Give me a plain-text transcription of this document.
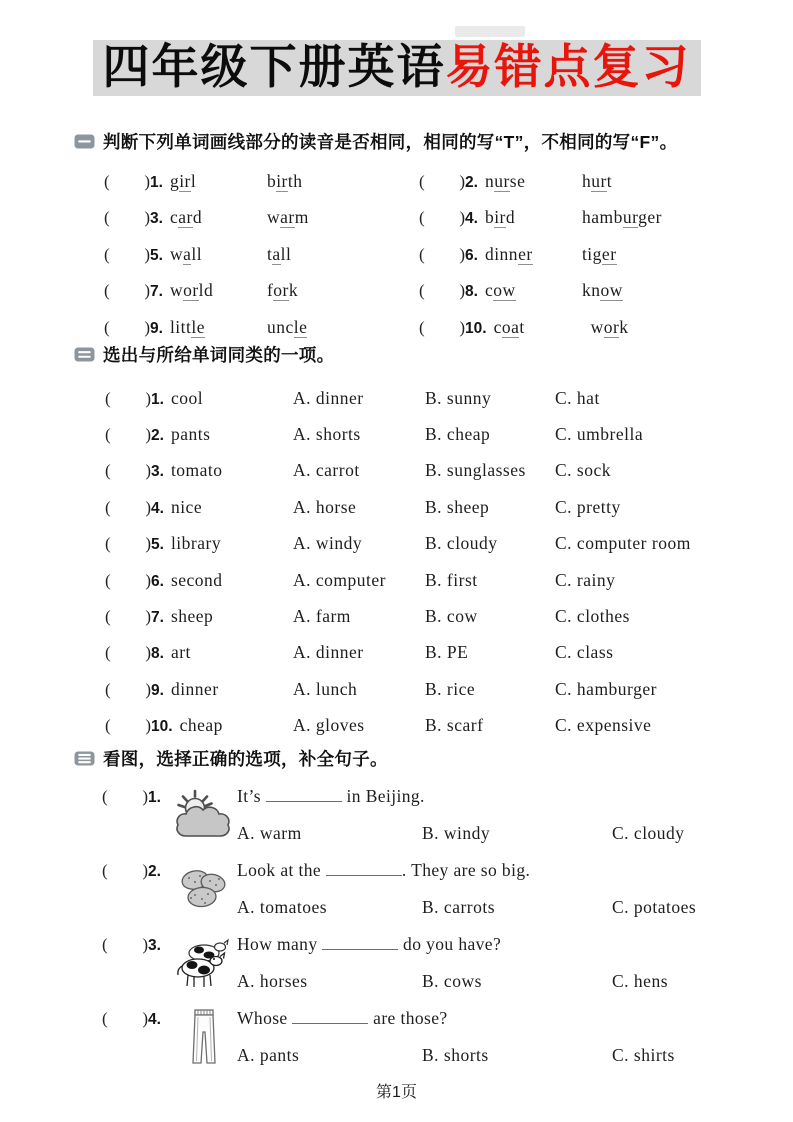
四年级下册英语易错点复习
判断下列单词画线部分的读音是否相同，相同的写“T”，不相同的写“F”。
( ) 1. girl	birth	( ) 2. nurse	hurt
( ) 3. card	warm	( ) 4. bird	hamburger
( ) 5. wall	tall	( ) 6. dinner	tiger
( ) 7. world	fork	( ) 8. cow	know
( ) 9. little	uncle	( ) 10. coat	work
选出与所给单词同类的一项。
( ) 1. cool	A. dinner	B. sunny	C. hat
( ) 2. pants	A. shorts	B. cheap	C. umbrella
( ) 3. tomato	A. carrot	B. sunglasses	C. sock
( ) 4. nice	A. horse	B. sheep	C. pretty
( ) 5. library	A. windy	B. cloudy	C. computer room
( ) 6. second	A. computer	B. first	C. rainy
( ) 7. sheep	A. farm	B. cow	C. clothes
( ) 8. art	A. dinner	B. PE	C. class
( ) 9. dinner	A. lunch	B. rice	C. hamburger
( ) 10. cheap	A. gloves	B. scarf	C. expensive
看图，选择正确的选项，补全句子。
( ) 1.	It’s	in Beijing.
A. warm	B. windy	C. cloudy
( ) 2.	Look at the	. They are so big.
A. tomatoes	B. carrots	C. potatoes
( ) 3.	How many	do you have?
A. horses	B. cows	C. hens
( ) 4.	Whose	are those?
A. pants	B. shorts	C. shirts
第1页
